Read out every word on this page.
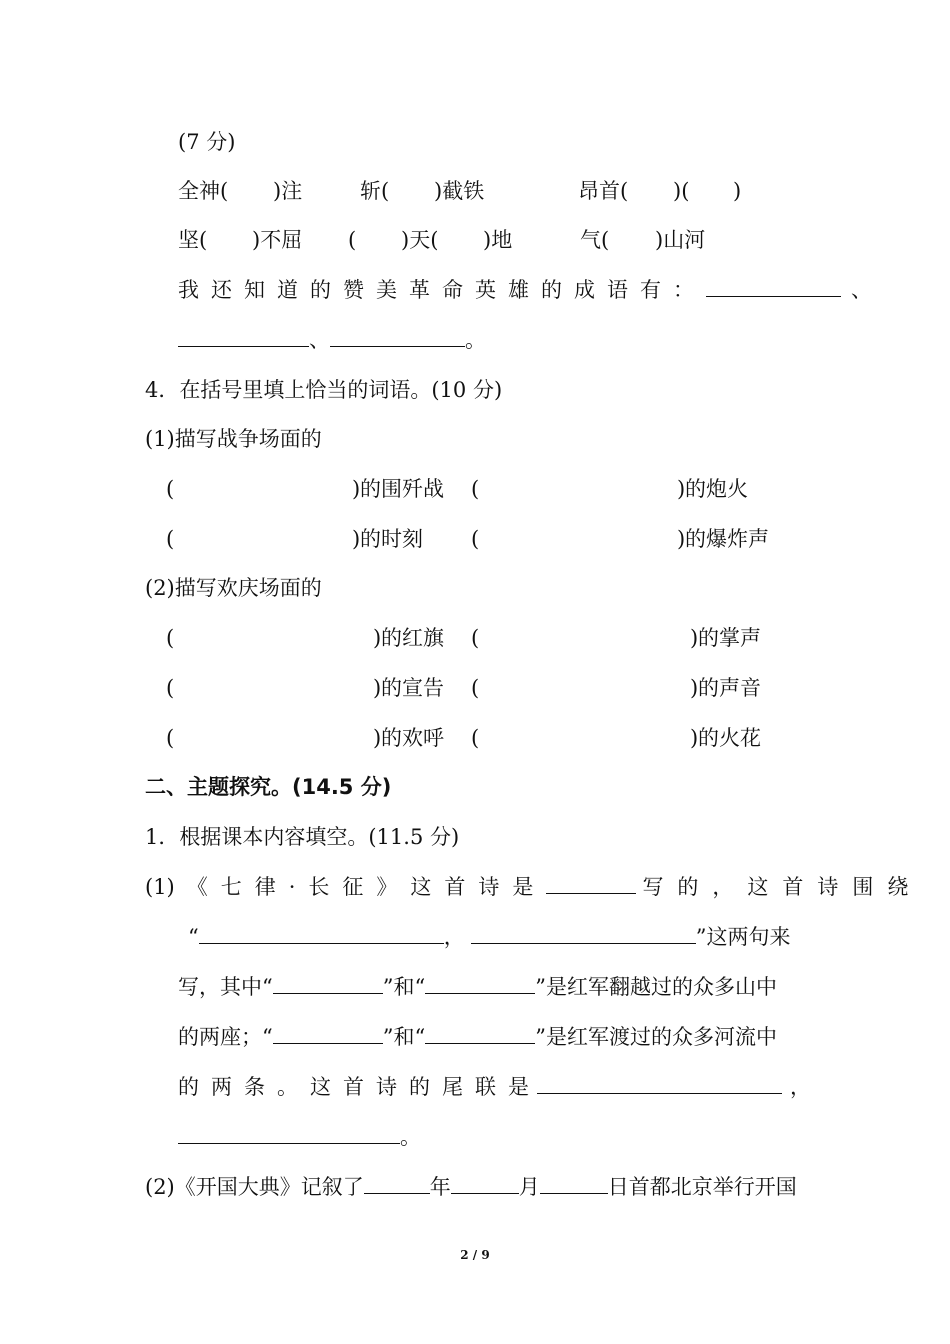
(7 分)
全神( )注	斩( )截铁	昂首( )( )
坚( )不屈 ( )天( )地	气( )山河
我还知道的赞美革命英雄的成语有：	、
、	。
4．在括号里填上恰当的词语。(10 分)
(1)描写战争场面的
(	) 的围歼战 (	) 的炮火
(	) 的时刻 (	) 的爆炸声
(2)描写欢庆场面的
(	) 的红旗 (	) 的掌声
(	) 的宣告 (	) 的声音
(	) 的欢呼 (	) 的火花
二、主题探究。(14.5 分)
1．根据课本内容填空。(11.5 分)
(1) 《七律·长征》这首诗是	写的，这首诗围绕
“	，	”这两句来
写，其中“	”和“	”是红军翻越过的众多山中
的两座；“	”和“	”是红军渡过的众多河流中
的两条。这首诗的尾联是	，
。
(2)《开国大典》记叙了	年	月	日首都北京举行开国
2 / 9
